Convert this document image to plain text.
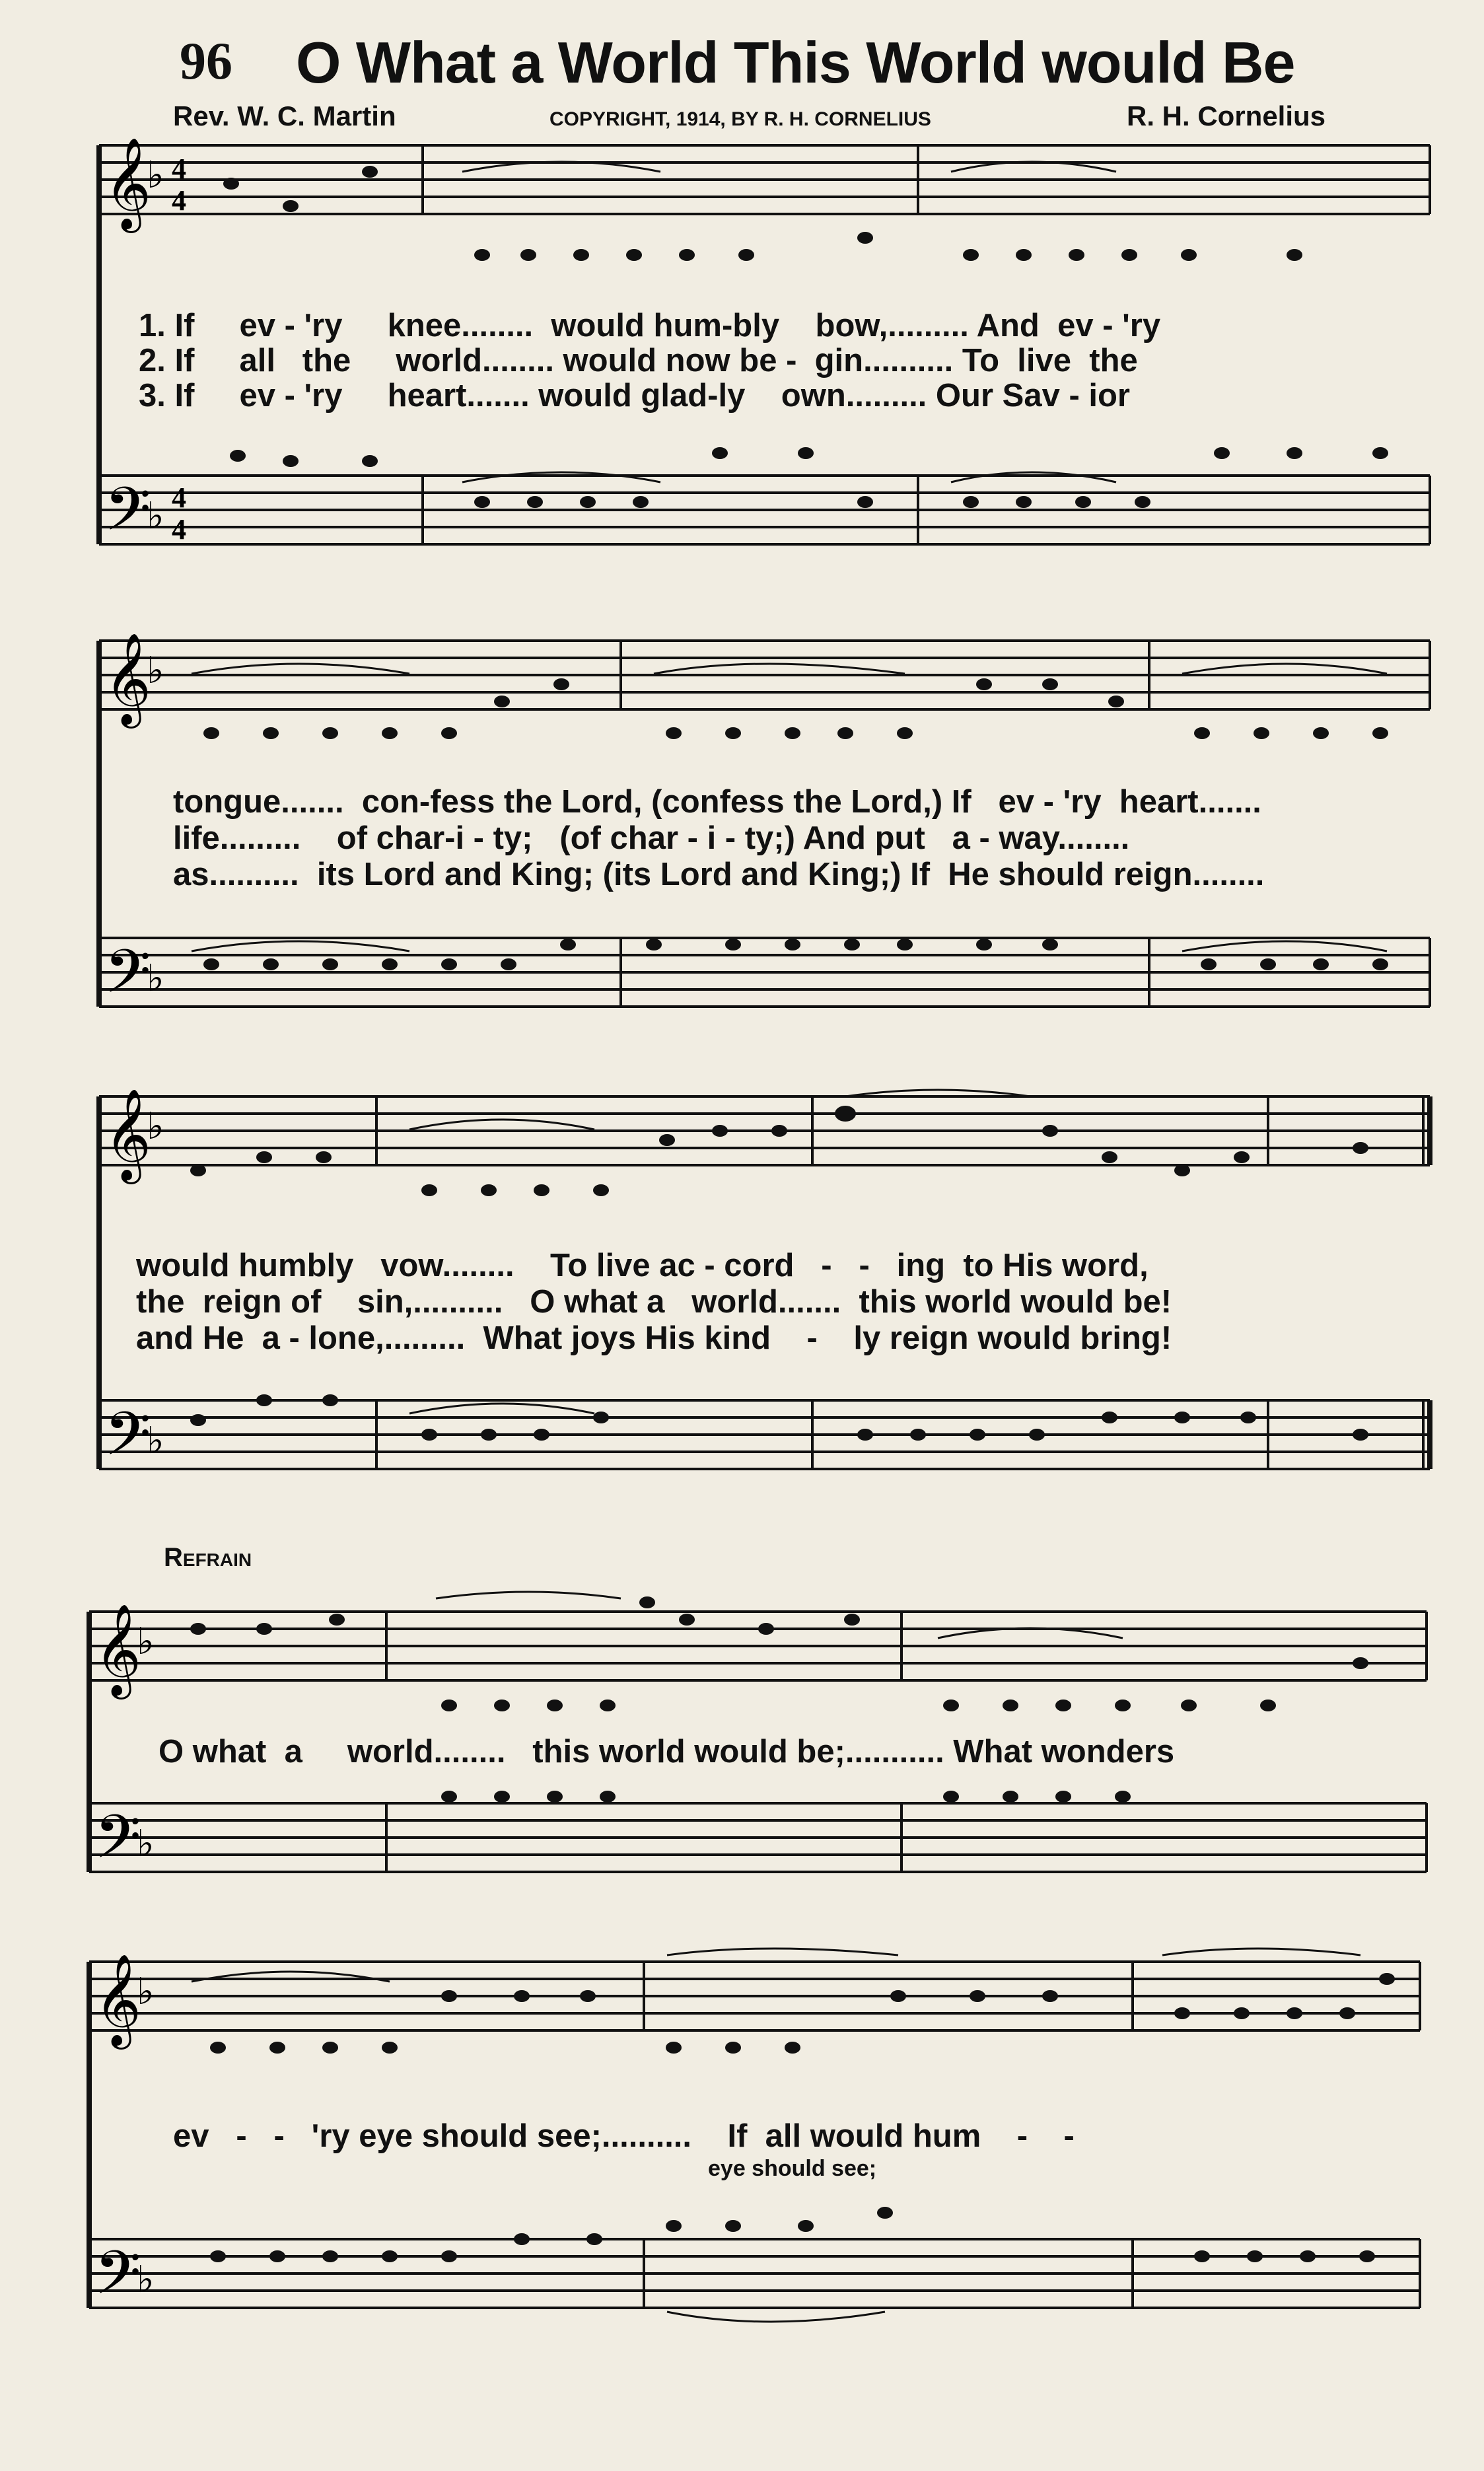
96 O What a World This World would Be
Rev. W. C. Martin	COPYRIGHT, 1914, BY R. H. CORNELIUS	R. H. Cornelius
𝄞
𝄢
♭
♭
4
4
4
4
1. If     ev - 'ry     knee........  would hum-bly    bow,......... And  ev - 'ry
2. If     all   the     world........ would now be -  gin.......... To  live  the
3. If     ev - 'ry     heart....... would glad-ly    own......... Our Sav - ior
𝄞
𝄢
♭
♭
tongue.......  con-fess the Lord, (confess the Lord,) If   ev - 'ry  heart.......
life.........    of char-i - ty;   (of char - i - ty;) And put   a - way........
as..........  its Lord and King; (its Lord and King;) If  He should reign........
𝄞
𝄢
♭
♭
would humbly   vow........    To live ac - cord   -   -   ing  to His word,
the  reign of    sin,..........   O what a   world.......  this world would be!
and He  a - lone,.........  What joys His kind    -    ly reign would bring!
Refrain
𝄞
𝄢
♭
♭
O what  a     world........   this world would be;........... What wonders
𝄞
𝄢
♭
♭
ev   -   -   'ry eye should see;..........    If  all would hum    -    -
eye should see;
